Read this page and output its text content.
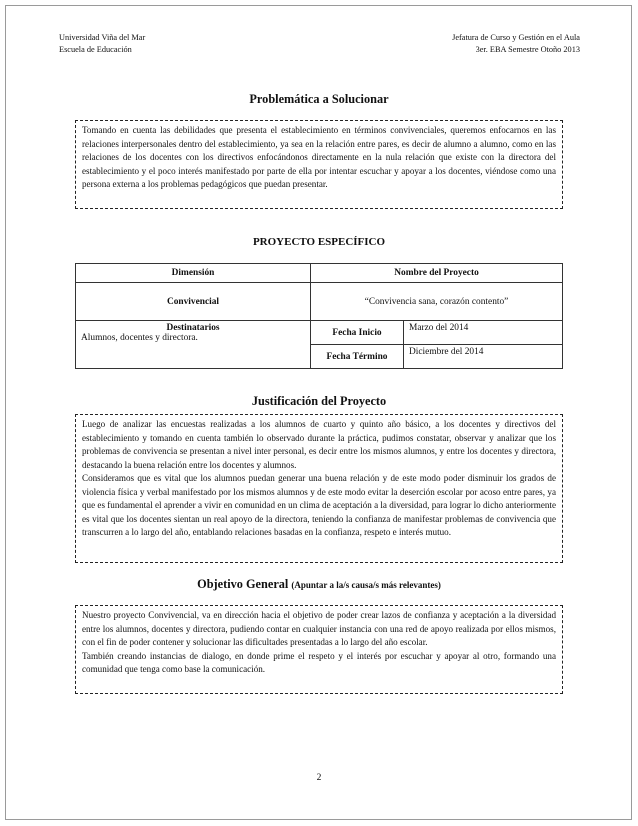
Universidad Viña del Mar
Escuela de Educación
Jefatura de Curso y Gestión en el Aula
3er. EBA Semestre Otoño 2013
Problemática a Solucionar

Tomando en cuenta las debilidades que presenta el establecimiento en términos convivenciales, queremos enfocarnos en las relaciones interpersonales dentro del establecimiento, ya sea en la relación entre pares, es decir de alumno a alumno, como en las relaciones de los docentes con los directivos enfocándonos directamente en la nula relación que existe con la directora del establecimiento y el poco interés manifestado por parte de ella por intentar escuchar y apoyar a los docentes, viéndose como una persona externa a los problemas pedagógicos que puedan presentar.

PROYECTO ESPECÍFICO
Dimensión	Nombre del Proyecto	
Convivencial	“Convivencia sana, corazón contento”	

Destinatarios
Alumnos, docentes y directora.	Fecha Inicio	Marzo del 2014
	Fecha Término	Diciembre del 2014
Justificación del Proyecto

Luego de analizar las encuestas realizadas a los alumnos de cuarto y quinto año básico, a los docentes y directivos del establecimiento y tomando en cuenta también lo observado durante la práctica, pudimos constatar, observar y analizar que los problemas de convivencia se presentan a nivel inter personal, es decir entre los mismos alumnos, y entre los docentes y directora, destacando la buena relación entre los docentes y alumnos.

Consideramos que es vital que los alumnos puedan generar una buena relación y de este modo poder disminuir los grados de violencia física y verbal manifestado por los mismos alumnos y de este modo evitar la deserción escolar por acoso entre pares, ya que es fundamental el aprender a vivir en comunidad en un clima de aceptación a la diversidad, para lograr lo dicho anteriormente es vital que los docentes sientan un real apoyo de la directora, teniendo la confianza de manifestar problemas de convivencia que transcurren a lo largo del año, entablando relaciones basadas en la confianza, respeto e interés mutuo.

Objetivo General (Apuntar a la/s causa/s más relevantes)

Nuestro proyecto Convivencial, va en dirección hacia el objetivo de poder crear lazos de confianza y aceptación a la diversidad entre los alumnos, docentes y directora, pudiendo contar en cualquier instancia con una red de apoyo realizada por ellos mismos, con el fin de poder contener y solucionar las dificultades presentadas a lo largo del año escolar.

También creando instancias de dialogo, en donde prime el respeto y el interés por escuchar y apoyar al otro, formando una comunidad que tenga como base la comunicación.

2
